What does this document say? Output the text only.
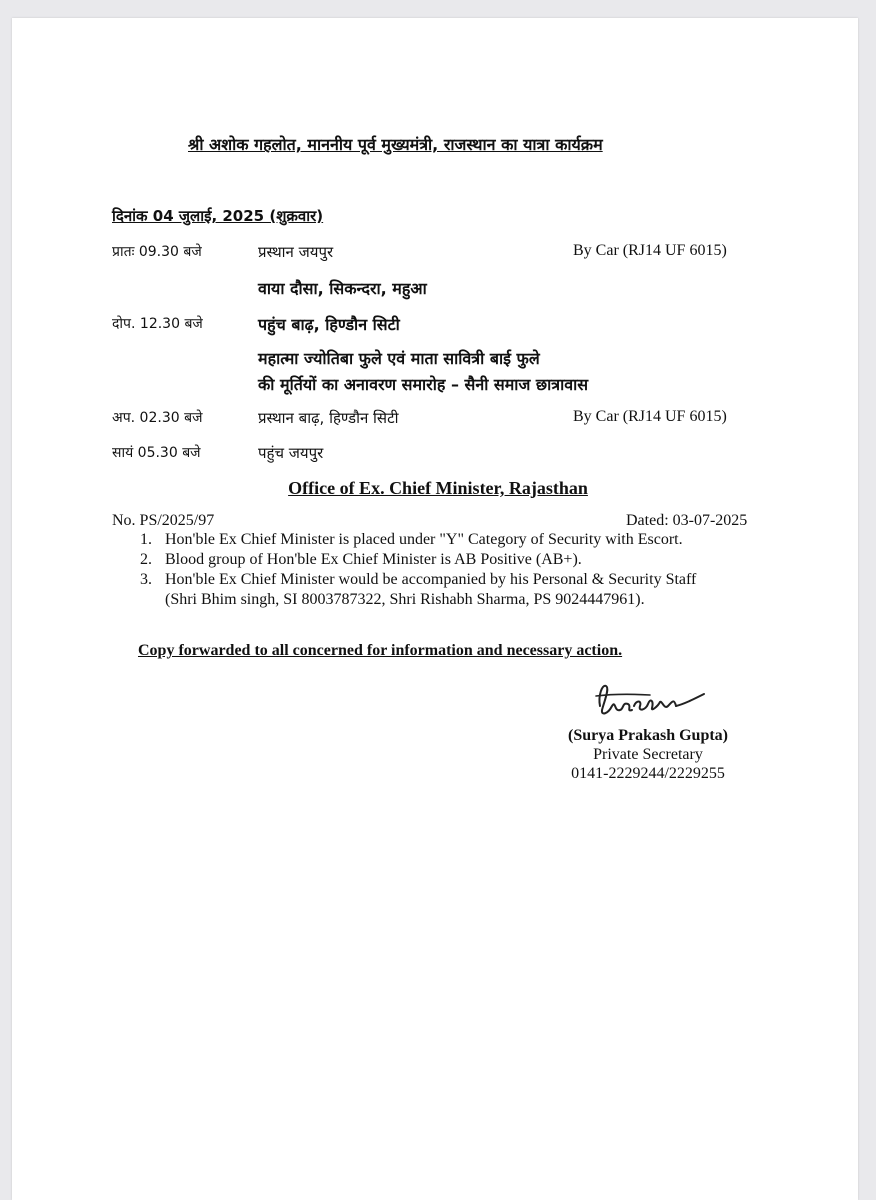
श्री अशोक गहलोत, माननीय पूर्व मुख्यमंत्री, राजस्थान का यात्रा कार्यक्रम
दिनांक 04 जुलाई, 2025 (शुक्रवार)
प्रातः 09.30 बजे	प्रस्थान जयपुर	By Car (RJ14 UF 6015)
वाया दौसा, सिकन्दरा, महुआ
दोप. 12.30 बजे	पहुंच बाढ़, हिण्डौन सिटी
महात्मा ज्योतिबा फुले एवं माता सावित्री बाई फुले
की मूर्तियों का अनावरण समारोह – सैनी समाज छात्रावास
अप. 02.30 बजे	प्रस्थान बाढ़, हिण्डौन सिटी	By Car (RJ14 UF 6015)
सायं 05.30 बजे	पहुंच जयपुर
Office of Ex. Chief Minister, Rajasthan
No. PS/2025/97	Dated: 03-07-2025
1. Hon'ble Ex Chief Minister is placed under "Y" Category of Security with Escort.
2. Blood group of Hon'ble Ex Chief Minister is AB Positive (AB+).
3. Hon'ble Ex Chief Minister would be accompanied by his Personal & Security Staff
(Shri Bhim singh, SI 8003787322, Shri Rishabh Sharma, PS 9024447961).
Copy forwarded to all concerned for information and necessary action.
(Surya Prakash Gupta)
Private Secretary
0141-2229244/2229255
